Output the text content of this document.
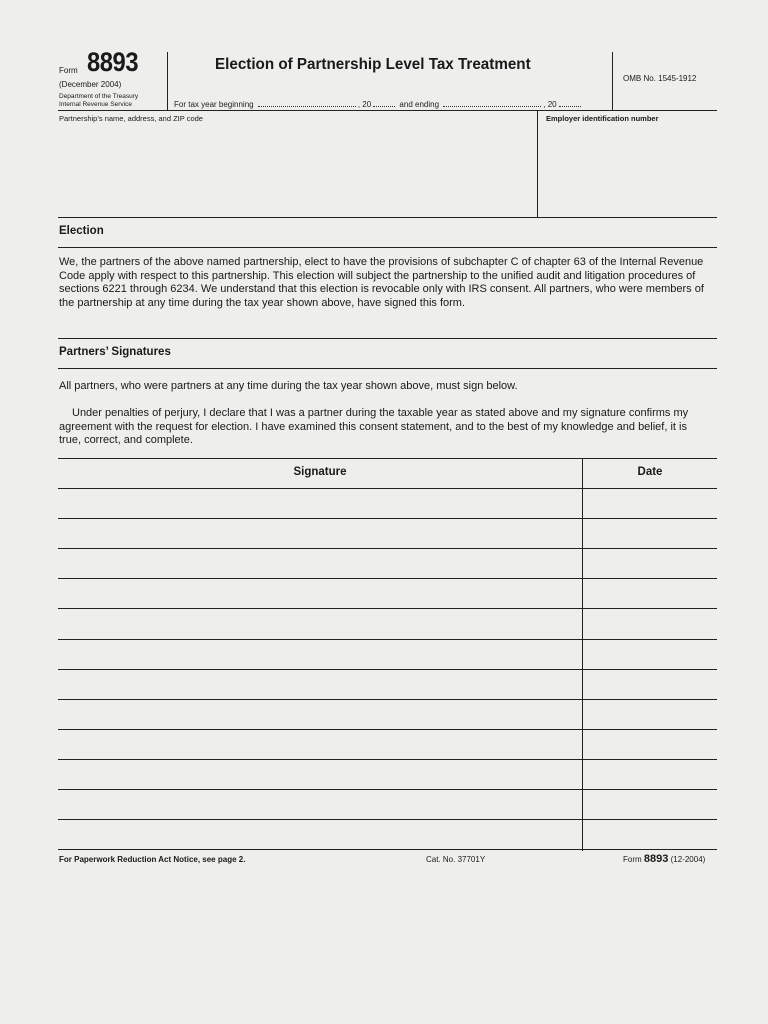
Form 8893
(December 2004)
Department of the Treasury
Internal Revenue Service
Election of Partnership Level Tax Treatment
For tax year beginning	, 20	and ending	, 20
OMB No. 1545-1912
Partnership’s name, address, and ZIP code	Employer identification number
Election
We, the partners of the above named partnership, elect to have the provisions of subchapter C of chapter 63 of the Internal Revenue Code apply with respect to this partnership. This election will subject the partnership to the unified audit and litigation procedures of sections 6221 through 6234. We understand that this election is revocable only with IRS consent. All partners, who were members of the partnership at any time during the tax year shown above, have signed this form.
Partners’ Signatures
All partners, who were partners at any time during the tax year shown above, must sign below.
Under penalties of perjury, I declare that I was a partner during the taxable year as stated above and my signature confirms my agreement with the request for election. I have examined this consent statement, and to the best of my knowledge and belief, it is true, correct, and complete.
Signature	Date
For Paperwork Reduction Act Notice, see page 2.	Cat. No. 37701Y	Form 8893 (12-2004)
